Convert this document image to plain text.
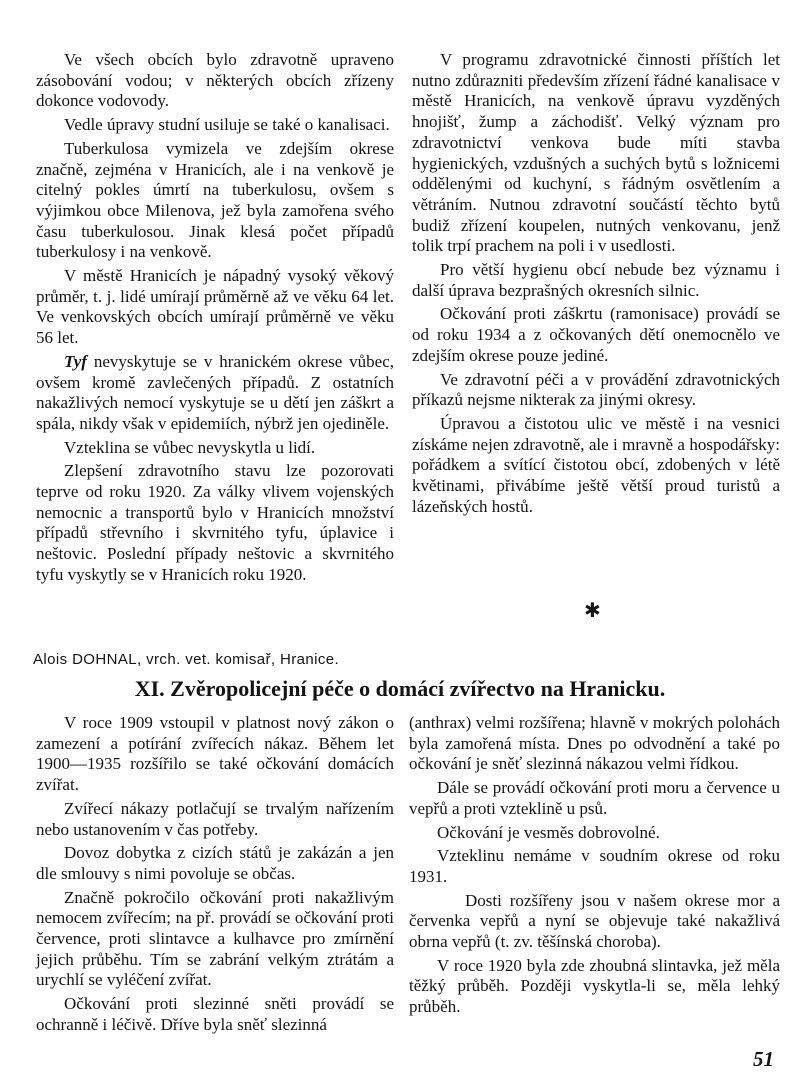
Ve všech obcích bylo zdravotně upraveno zásobování vodou; v některých obcích zřízeny dokonce vodovody.

Vedle úpravy studní usiluje se také o kanalisaci.

Tuberkulosa vymizela ve zdejším okrese značně, zejména v Hranicích, ale i na venkově je citelný pokles úmrtí na tuberkulosu, ovšem s výjimkou obce Milenova, jež byla zamořena svého času tuberkulosou. Jinak klesá počet případů tuberkulosy i na venkově.

V městě Hranicích je nápadný vysoký věkový průměr, t. j. lidé umírají průměrně až ve věku 64 let. Ve venkovských obcích umírají průměrně ve věku 56 let.

Tyf nevyskytuje se v hranickém okrese vůbec, ovšem kromě zavlečených případů. Z ostatních nakažlivých nemocí vyskytuje se u dětí jen záškrt a spála, nikdy však v epidemiích, nýbrž jen ojediněle.

Vzteklina se vůbec nevyskytla u lidí.

Zlepšení zdravotního stavu lze pozorovati teprve od roku 1920. Za války vlivem vojenských nemocnic a transportů bylo v Hranicích množství případů střevního i skvrnitého tyfu, úplavice i neštovic. Poslední případy neštovic a skvrnitého tyfu vyskytly se v Hranicích roku 1920.

V programu zdravotnické činnosti příštích let nutno zdůrazniti především zřízení řádné kanalisace v městě Hranicích, na venkově úpravu vyzděných hnojišť, žump a záchodišť. Velký význam pro zdravotnictví venkova bude míti stavba hygienických, vzdušných a suchých bytů s ložnicemi oddělenými od kuchyní, s řádným osvětlením a větráním. Nutnou zdravotní součástí těchto bytů budiž zřízení koupelen, nutných venkovanu, jenž tolik trpí prachem na poli i v usedlosti.

Pro větší hygienu obcí nebude bez významu i další úprava bezprašných okresních silnic.

Očkování proti záškrtu (ramonisace) provádí se od roku 1934 a z očkovaných dětí onemocnělo ve zdejším okrese pouze jediné.

Ve zdravotní péči a v provádění zdravotnických příkazů nejsme nikterak za jinými okresy.

Úpravou a čistotou ulic ve městě i na vesnici získáme nejen zdravotně, ale i mravně a hospodářsky: pořádkem a svítící čistotou obcí, zdobených v létě květinami, přivábíme ještě větší proud turistů a lázeňských hostů.

✱
Alois DOHNAL, vrch. vet. komisař, Hranice.
XI. Zvěropolicejní péče o domácí zvířectvo na Hranicku.

V roce 1909 vstoupil v platnost nový zákon o zamezení a potírání zvířecích nákaz. Během let 1900—1935 rozšířilo se také očkování domácích zvířat.

Zvířecí nákazy potlačují se trvalým nařízením nebo ustanovením v čas potřeby.

Dovoz dobytka z cizích států je zakázán a jen dle smlouvy s nimi povoluje se občas.

Značně pokročilo očkování proti nakažlivým nemocem zvířecím; na př. provádí se očkování proti července, proti slintavce a kulhavce pro zmírnění jejich průběhu. Tím se zabrání velkým ztrátám a urychlí se vyléčení zvířat.

Očkování proti slezinné sněti provádí se ochranně i léčivě. Dříve byla sněť slezinná

(anthrax) velmi rozšířena; hlavně v mokrých polohách byla zamořená místa. Dnes po odvodnění a také po očkování je sněť slezinná nákazou velmi řídkou.

Dále se provádí očkování proti moru a července u vepřů a proti vzteklině u psů.

Očkování je vesměs dobrovolné.

Vzteklinu nemáme v soudním okrese od roku 1931.

Dosti rozšířeny jsou v našem okrese mor a červenka vepřů a nyní se objevuje také nakažlivá obrna vepřů (t. zv. těšínská choroba).

V roce 1920 byla zde zhoubná slintavka, jež měla těžký průběh. Později vyskytla-li se, měla lehký průběh.

51
